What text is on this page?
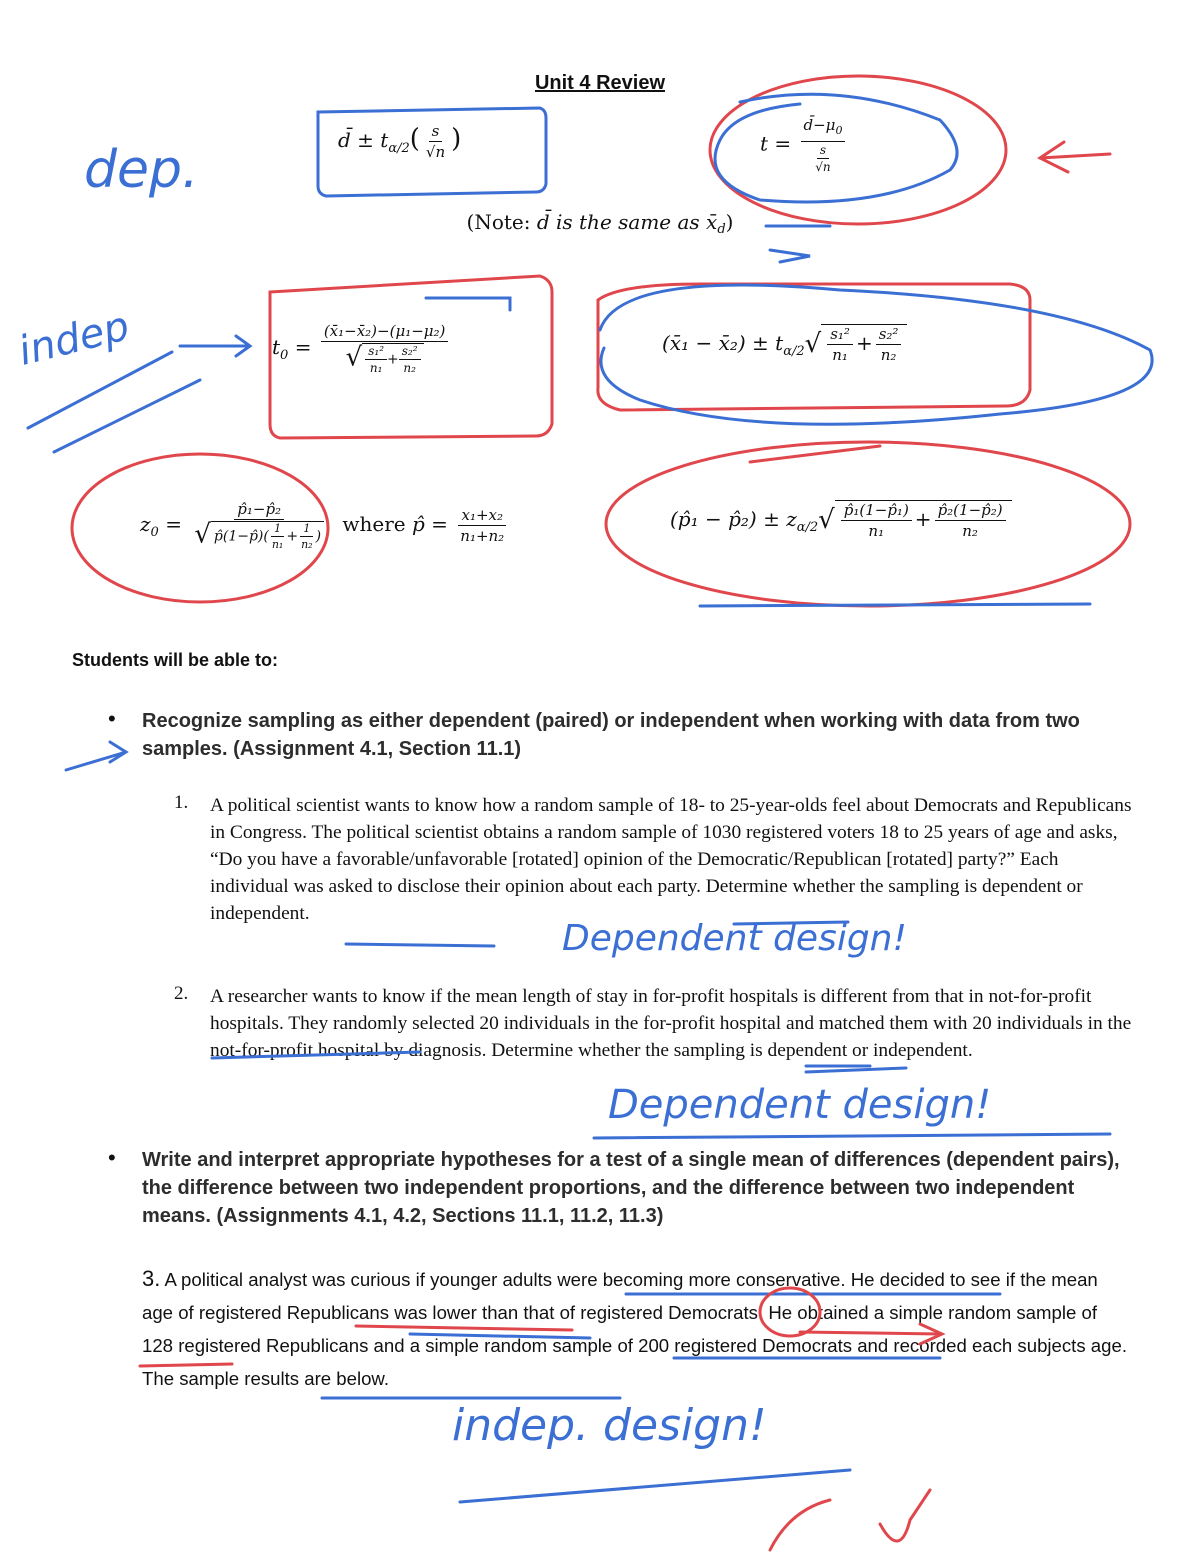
Unit 4 Review
d̄ ± $t_{\alpha/2}( \frac{s}{√n}$ )	$t = \frac{d̄-\mu_0}{\frac{s}{√n}}$
(Note: d̄ is the same as $x̄_d$)
$t_0 = \frac{\text{(x̄₁−x̄₂)−(μ₁−μ₂)}}{√ \frac{\text{s₁²}}{\text{n₁}} + \frac{\text{s₂²}}{\text{n₂}}}$	(x̄₁ − x̄₂) ± $t_{\alpha/2}√ \frac{\text{s₁²}}{\text{n₁}} + \frac{\text{s₂²}}{\text{n₂}}$
$z_0 = \frac{\text{p̂₁−p̂₂}}{√ p̂(1-p̂)( \frac{1}{\text{n₁}} + \frac{1}{\text{n₂}} )}$ where p̂ = $\frac{\text{x₁+x₂}}{\text{n₁+n₂}}$	(p̂₁ − p̂₂) ± $z_{\alpha/2}√ \frac{\text{p̂₁(1−p̂₁)}}{\text{n₁}} + \frac{\text{p̂₂(1−p̂₂)}}{\text{n₂}}$
Students will be able to:
• Recognize sampling as either dependent (paired) or independent when working with data from two samples. (Assignment 4.1, Section 11.1)
1. A political scientist wants to know how a random sample of 18- to 25-year-olds feel about Democrats and Republicans in Congress. The political scientist obtains a random sample of 1030 registered voters 18 to 25 years of age and asks, “Do you have a favorable/unfavorable [rotated] opinion of the Democratic/Republican [rotated] party?” Each individual was asked to disclose their opinion about each party. Determine whether the sampling is dependent or independent.
2. A researcher wants to know if the mean length of stay in for-profit hospitals is different from that in not-for-profit hospitals. They randomly selected 20 individuals in the for-profit hospital and matched them with 20 individuals in the not-for-profit hospital by diagnosis. Determine whether the sampling is dependent or independent.
• Write and interpret appropriate hypotheses for a test of a single mean of differences (dependent pairs), the difference between two independent proportions, and the difference between two independent means. (Assignments 4.1, 4.2, Sections 11.1, 11.2, 11.3)
3. A political analyst was curious if younger adults were becoming more conservative. He decided to see if the mean age of registered Republicans was lower than that of registered Democrats. He obtained a simple random sample of 128 registered Republicans and a simple random sample of 200 registered Democrats and recorded each subjects age. The sample results are below.
dep.
indep
Dependent design!
Dependent design!
indep. design!
